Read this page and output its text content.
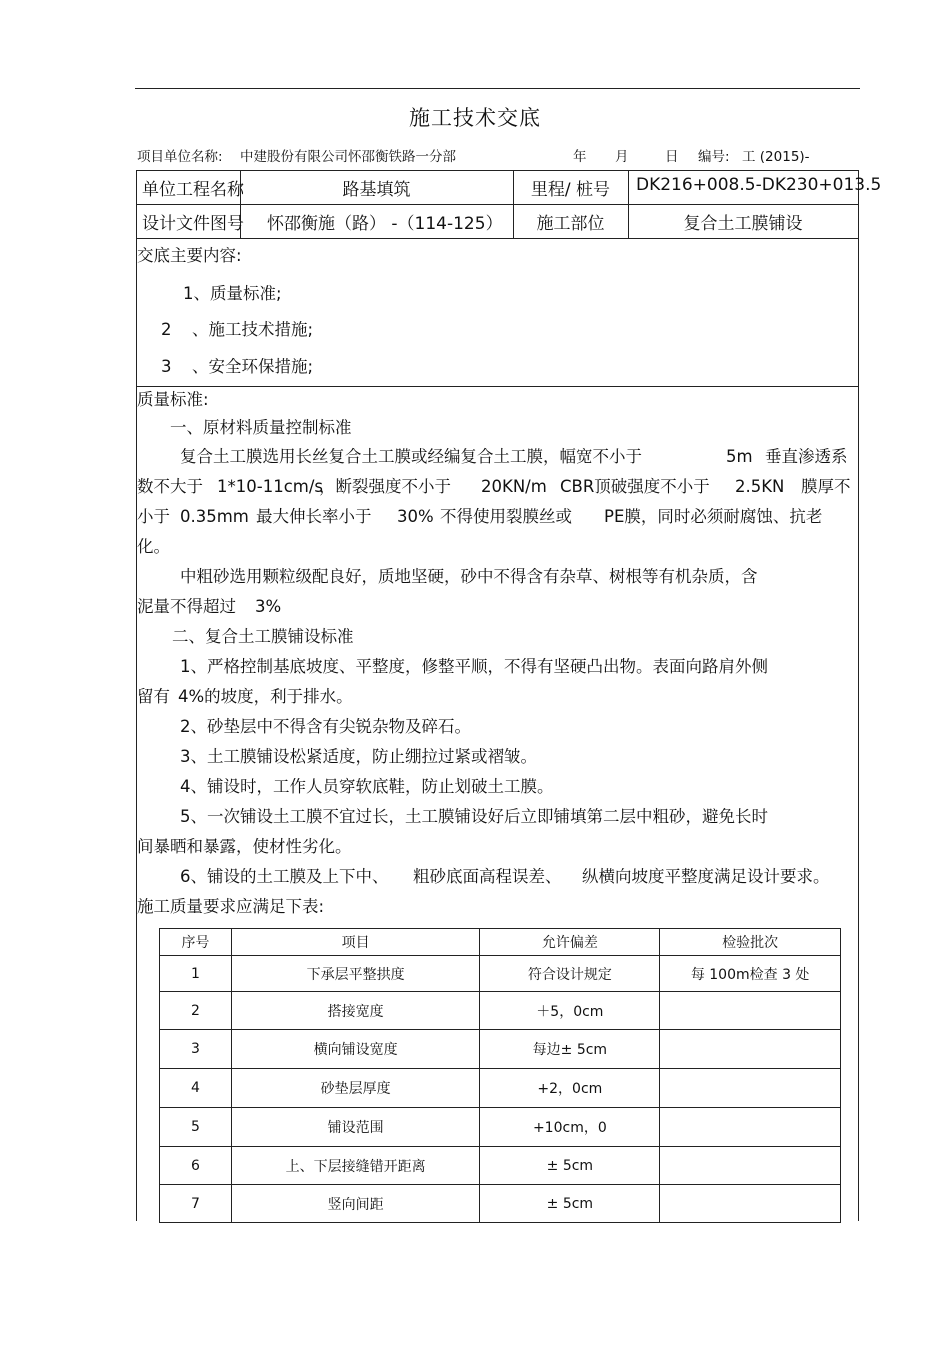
施工技术交底
项目单位名称: 中建股份有限公司怀邵衡铁路一分部	年 月	日 编号: 工 (2015)-
单位工程名称	路基填筑	里程/ 桩号	DK216+008.5-DK230+013.5
设计文件图号 怀邵衡施（路） -（114-125）	施工部位	复合土工膜铺设
交底主要内容:
1、质量标准;
2 、施工技术措施;
3 、安全环保措施;
质量标准:
一、原材料质量控制标准
复合土工膜选用长丝复合土工膜或经编复合土工膜，幅宽不小于	5m 垂直渗透系
数不大于 1*10-11cm/s
，断裂强度不小于 20KN/m CBR顶破强度不小于 2.5KN 膜厚不
小于 0.35mm 最大伸长率小于 30% 不得使用裂膜丝或 PE膜，同时必须耐腐蚀、抗老
化。
中粗砂选用颗粒级配良好，质地坚硬，砂中不得含有杂草、树根等有机杂质，含
泥量不得超过 3%
二、复合土工膜铺设标准
1、严格控制基底坡度、平整度，修整平顺，不得有坚硬凸出物。表面向路肩外侧
留有 4%的坡度，利于排水。
2、砂垫层中不得含有尖锐杂物及碎石。
3、土工膜铺设松紧适度，防止绷拉过紧或褶皱。
4、铺设时，工作人员穿软底鞋，防止划破土工膜。
5、一次铺设土工膜不宜过长，土工膜铺设好后立即铺填第二层中粗砂，避免长时
间暴晒和暴露，使材性劣化。
6、铺设的土工膜及上下中、 粗砂底面高程误差、 纵横向坡度平整度满足设计要求。
施工质量要求应满足下表:
序号	项目	允许偏差	检验批次
1	下承层平整拱度	符合设计规定	每 100m检查 3 处
2	搭接宽度	＋5，0cm	
3	横向铺设宽度	每边± 5cm	
4	砂垫层厚度	+2，0cm	
5	铺设范围	+10cm，0	
6	上、下层接缝错开距离	± 5cm	
7	竖向间距	± 5cm	
